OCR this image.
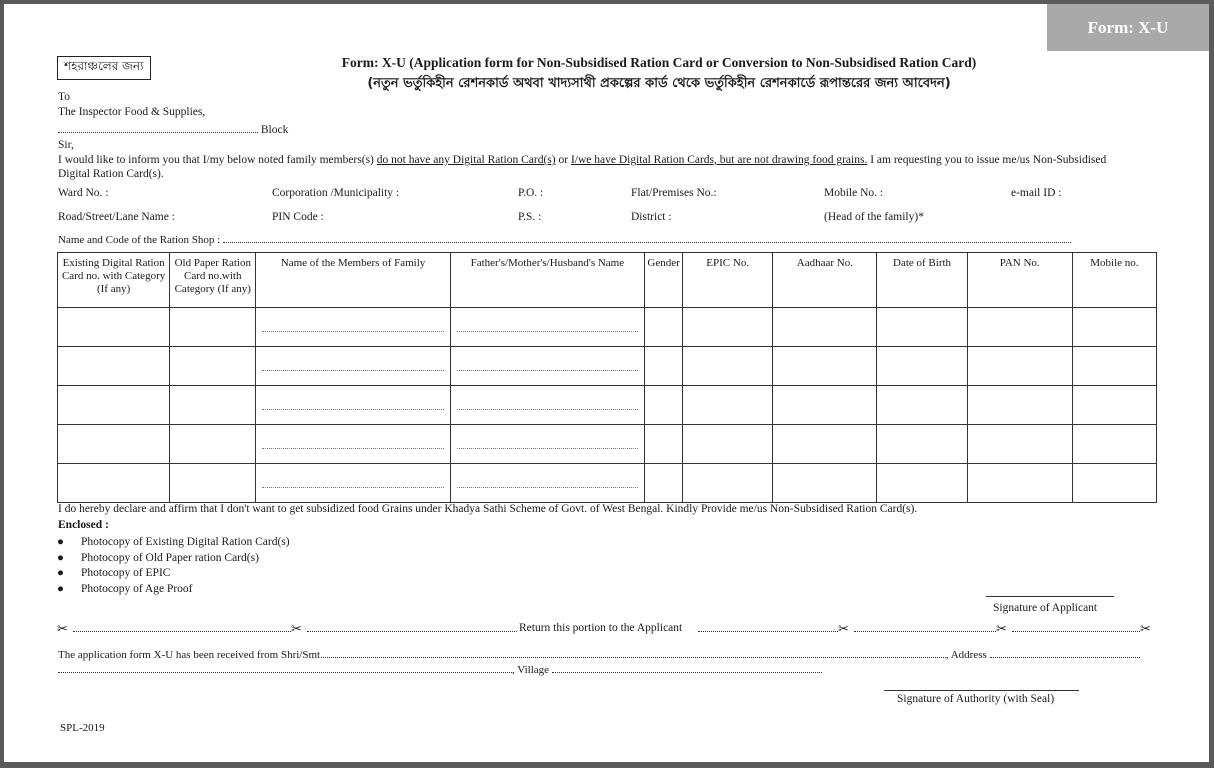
Form: X-U
শহরাঞ্চলের জন্য	Form: X-U (Application form for Non-Subsidised Ration Card or Conversion to Non-Subsidised Ration Card)
(নতুন ভর্তুকিহীন রেশনকার্ড অথবা খাদ্যসাথী প্রকল্পের কার্ড থেকে ভর্তুকিহীন রেশনকার্ডে রূপান্তরের জন্য আবেদন)
To
The Inspector Food & Supplies,
Block
Sir,
I would like to inform you that I/my below noted family members(s) do not have any Digital Ration Card(s) or I/we have Digital Ration Cards, but are not drawing food grains. I am requesting you to issue me/us Non-Subsidised
Digital Ration Card(s).
Ward No. :	Corporation /Municipality :	P.O. :	Flat/Premises No.:	Mobile No. :	e-mail ID :
Road/Street/Lane Name :	PIN Code :	P.S. :	District :	(Head of the family)*
Name and Code of the Ration Shop :
Existing Digital Ration Card no. with Category (If any)	Old Paper Ration Card no.with Category (If any)	Name of the Members of Family	Father's/Mother's/Husband's Name	Gender	EPIC No.	Aadhaar No.	Date of Birth	PAN No.	Mobile no.

I do hereby declare and affirm that I don't want to get subsidized food Grains under Khadya Sathi Scheme of Govt. of West Bengal. Kindly Provide me/us Non-Subsidised Ration Card(s).
Enclosed :
● Photocopy of Existing Digital Ration Card(s)
● Photocopy of Old Paper ration Card(s)
● Photocopy of EPIC
● Photocopy of Age Proof
Signature of Applicant
✂	✂	Return this portion to the Applicant	✂	✂	✂
The application form X-U has been received from Shri/Smt.	, Address
, Village
Signature of Authority (with Seal)
SPL-2019
